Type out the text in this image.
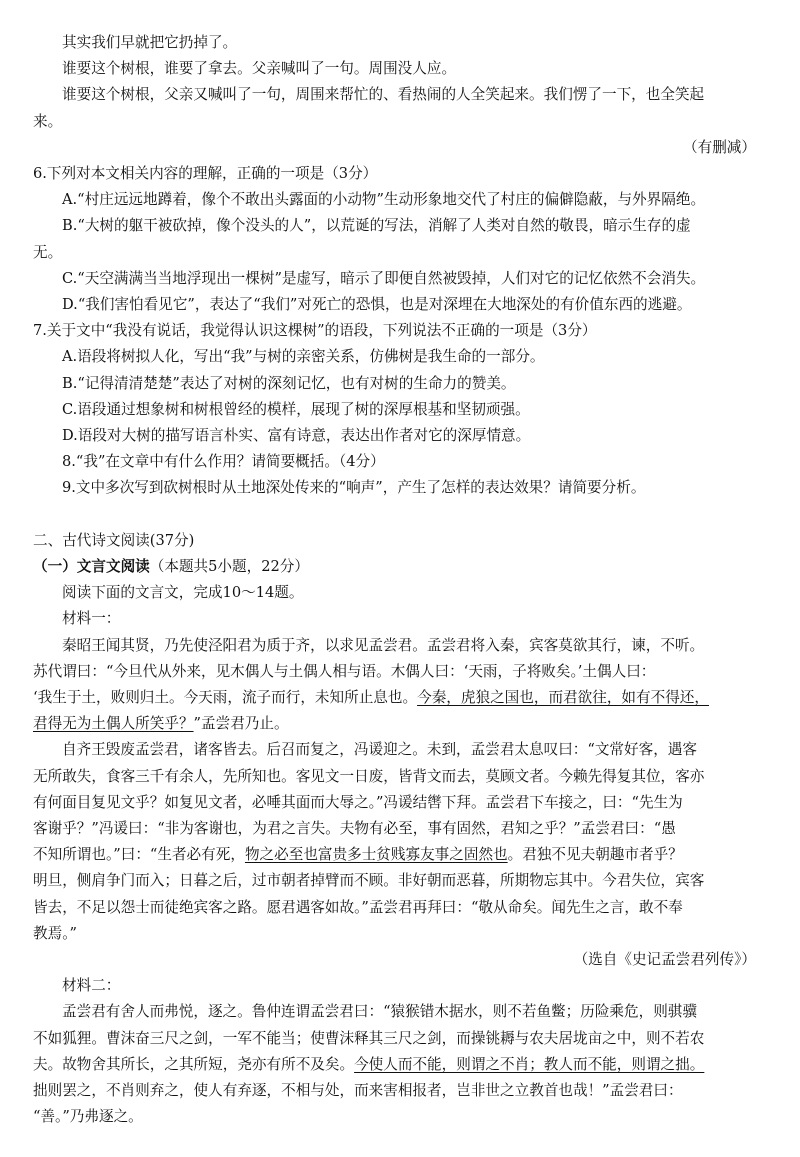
其实我们早就把它扔掉了。
谁要这个树根，谁要了拿去。父亲喊叫了一句。周围没人应。
谁要这个树根，父亲又喊叫了一句，周围来帮忙的、看热闹的人全笑起来。我们愣了一下，也全笑起
来。
（有删减）
6.下列对本文相关内容的理解，正确的一项是（3分）
A.“村庄远远地蹲着，像个不敢出头露面的小动物”生动形象地交代了村庄的偏僻隐蔽，与外界隔绝。
B.“大树的躯干被砍掉，像个没头的人”，以荒诞的写法，消解了人类对自然的敬畏，暗示生存的虚
无。
C.“天空满满当当地浮现出一棵树”是虚写，暗示了即便自然被毁掉，人们对它的记忆依然不会消失。
D.“我们害怕看见它”，表达了“我们”对死亡的恐惧，也是对深埋在大地深处的有价值东西的逃避。
7.关于文中“我没有说话，我觉得认识这棵树”的语段，下列说法不正确的一项是（3分）
A.语段将树拟人化，写出“我”与树的亲密关系，仿佛树是我生命的一部分。
B.“记得清清楚楚”表达了对树的深刻记忆，也有对树的生命力的赞美。
C.语段通过想象树和树根曾经的模样，展现了树的深厚根基和坚韧顽强。
D.语段对大树的描写语言朴实、富有诗意，表达出作者对它的深厚情意。
8.“我”在文章中有什么作用？请简要概括。（4分）
9.文中多次写到砍树根时从土地深处传来的“响声”，产生了怎样的表达效果？请简要分析。
二、古代诗文阅读(37分)
（一）文言文阅读（本题共5小题，22分）
阅读下面的文言文，完成10～14题。
材料一：
秦昭王闻其贤，乃先使泾阳君为质于齐，以求见孟尝君。孟尝君将入秦，宾客莫欲其行，谏，不听。
苏代谓曰：“今旦代从外来，见木偶人与土偶人相与语。木偶人曰：‘天雨，子将败矣。’土偶人曰：
‘我生于土，败则归土。今天雨，流子而行，未知所止息也。今秦，虎狼之国也，而君欲往，如有不得还，
君得无为土偶人所笑乎？”孟尝君乃止。
自齐王毁废孟尝君，诸客皆去。后召而复之，冯谖迎之。未到，孟尝君太息叹曰：“文常好客，遇客
无所敢失，食客三千有余人，先所知也。客见文一日废，皆背文而去，莫顾文者。今赖先得复其位，客亦
有何面目复见文乎？如复见文者，必唾其面而大辱之。”冯谖结辔下拜。孟尝君下车接之，曰：“先生为
客谢乎？”冯谖曰：“非为客谢也，为君之言失。夫物有必至，事有固然，君知之乎？”孟尝君曰：“愚
不知所谓也。”曰：“生者必有死，物之必至也富贵多士贫贱寡友事之固然也。君独不见夫朝趣市者乎？
明旦，侧肩争门而入；日暮之后，过市朝者掉臂而不顾。非好朝而恶暮，所期物忘其中。今君失位，宾客
皆去，不足以怨士而徒绝宾客之路。愿君遇客如故。”孟尝君再拜曰：“敬从命矣。闻先生之言，敢不奉
教焉。”
（选自《史记孟尝君列传》）
材料二：
孟尝君有舍人而弗悦，逐之。鲁仲连谓孟尝君曰：“猿猴错木据水，则不若鱼鳖；历险乘危，则骐骥
不如狐狸。曹沫奋三尺之剑，一军不能当；使曹沫释其三尺之剑，而操铫耨与农夫居垅亩之中，则不若农
夫。故物舍其所长，之其所短，尧亦有所不及矣。今使人而不能，则谓之不肖；教人而不能，则谓之拙。
拙则罢之，不肖则弃之，使人有弃逐，不相与处，而来害相报者，岂非世之立教首也哉！”孟尝君曰：
“善。”乃弗逐之。
